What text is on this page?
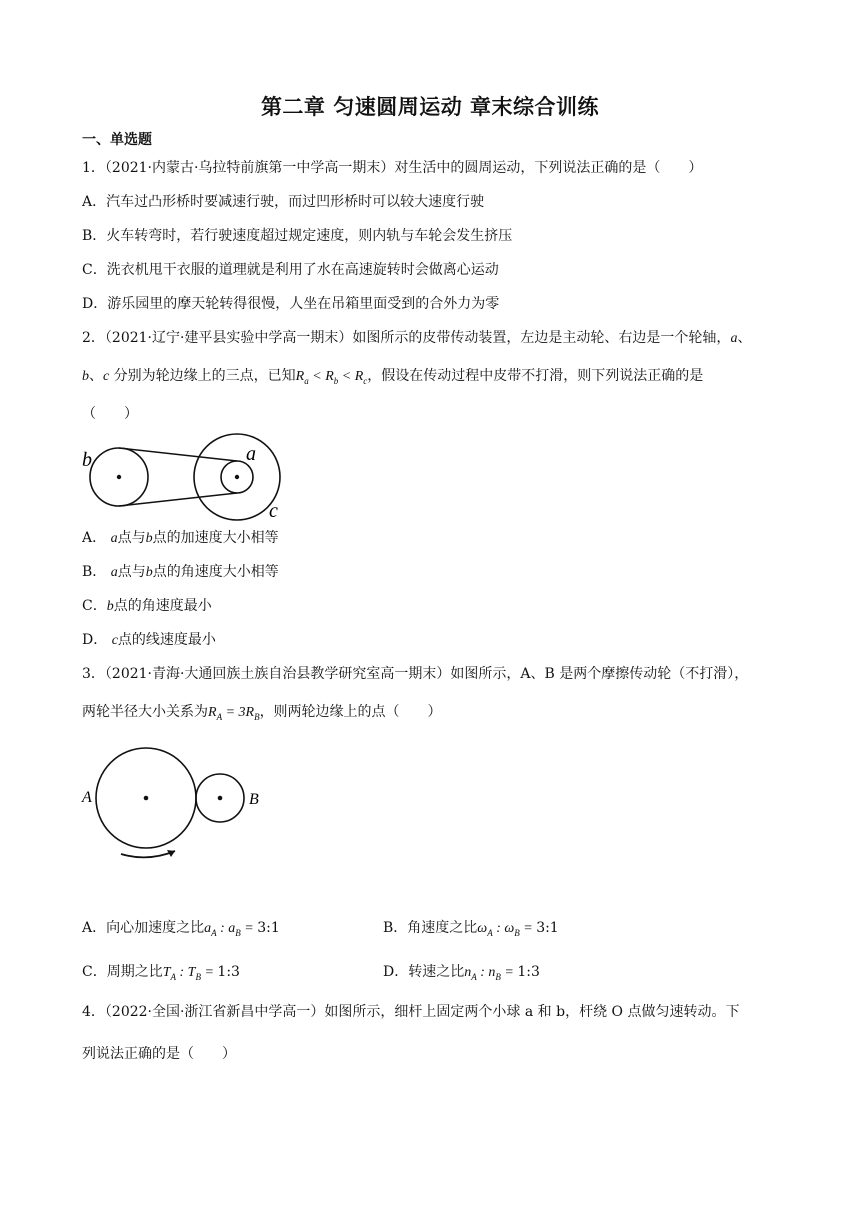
第二章 匀速圆周运动 章末综合训练
一、单选题
1．（2021·内蒙古·乌拉特前旗第一中学高一期末）对生活中的圆周运动，下列说法正确的是（　　）
A．汽车过凸形桥时要减速行驶，而过凹形桥时可以较大速度行驶
B．火车转弯时，若行驶速度超过规定速度，则内轨与车轮会发生挤压
C．洗衣机甩干衣服的道理就是利用了水在高速旋转时会做离心运动
D．游乐园里的摩天轮转得很慢，人坐在吊箱里面受到的合外力为零
2．（2021·辽宁·建平县实验中学高一期末）如图所示的皮带传动装置，左边是主动轮、右边是一个轮轴，a、
b、c 分别为轮边缘上的三点，已知$R_a < R_b < R_c$，假设在传动过程中皮带不打滑，则下列说法正确的是
（　　）
b	a
c
A． a点与b点的加速度大小相等
B． a点与b点的角速度大小相等
C．b点的角速度最小
D． c点的线速度最小
3．（2021·青海·大通回族土族自治县教学研究室高一期末）如图所示，A、B 是两个摩擦传动轮（不打滑），
两轮半径大小关系为$R_A = 3R_B$，则两轮边缘上的点（　　）
A	B
A．向心加速度之比$a_A$ : $a_B$ = 3:1	B．角速度之比$\omega_A$ : $\omega_B$ = 3:1
C．周期之比$T_A$ : $T_B$ = 1:3	D．转速之比$n_A$ : $n_B$ = 1:3
4．（2022·全国·浙江省新昌中学高一）如图所示，细杆上固定两个小球 a 和 b，杆绕 O 点做匀速转动。下
列说法正确的是（　　）
